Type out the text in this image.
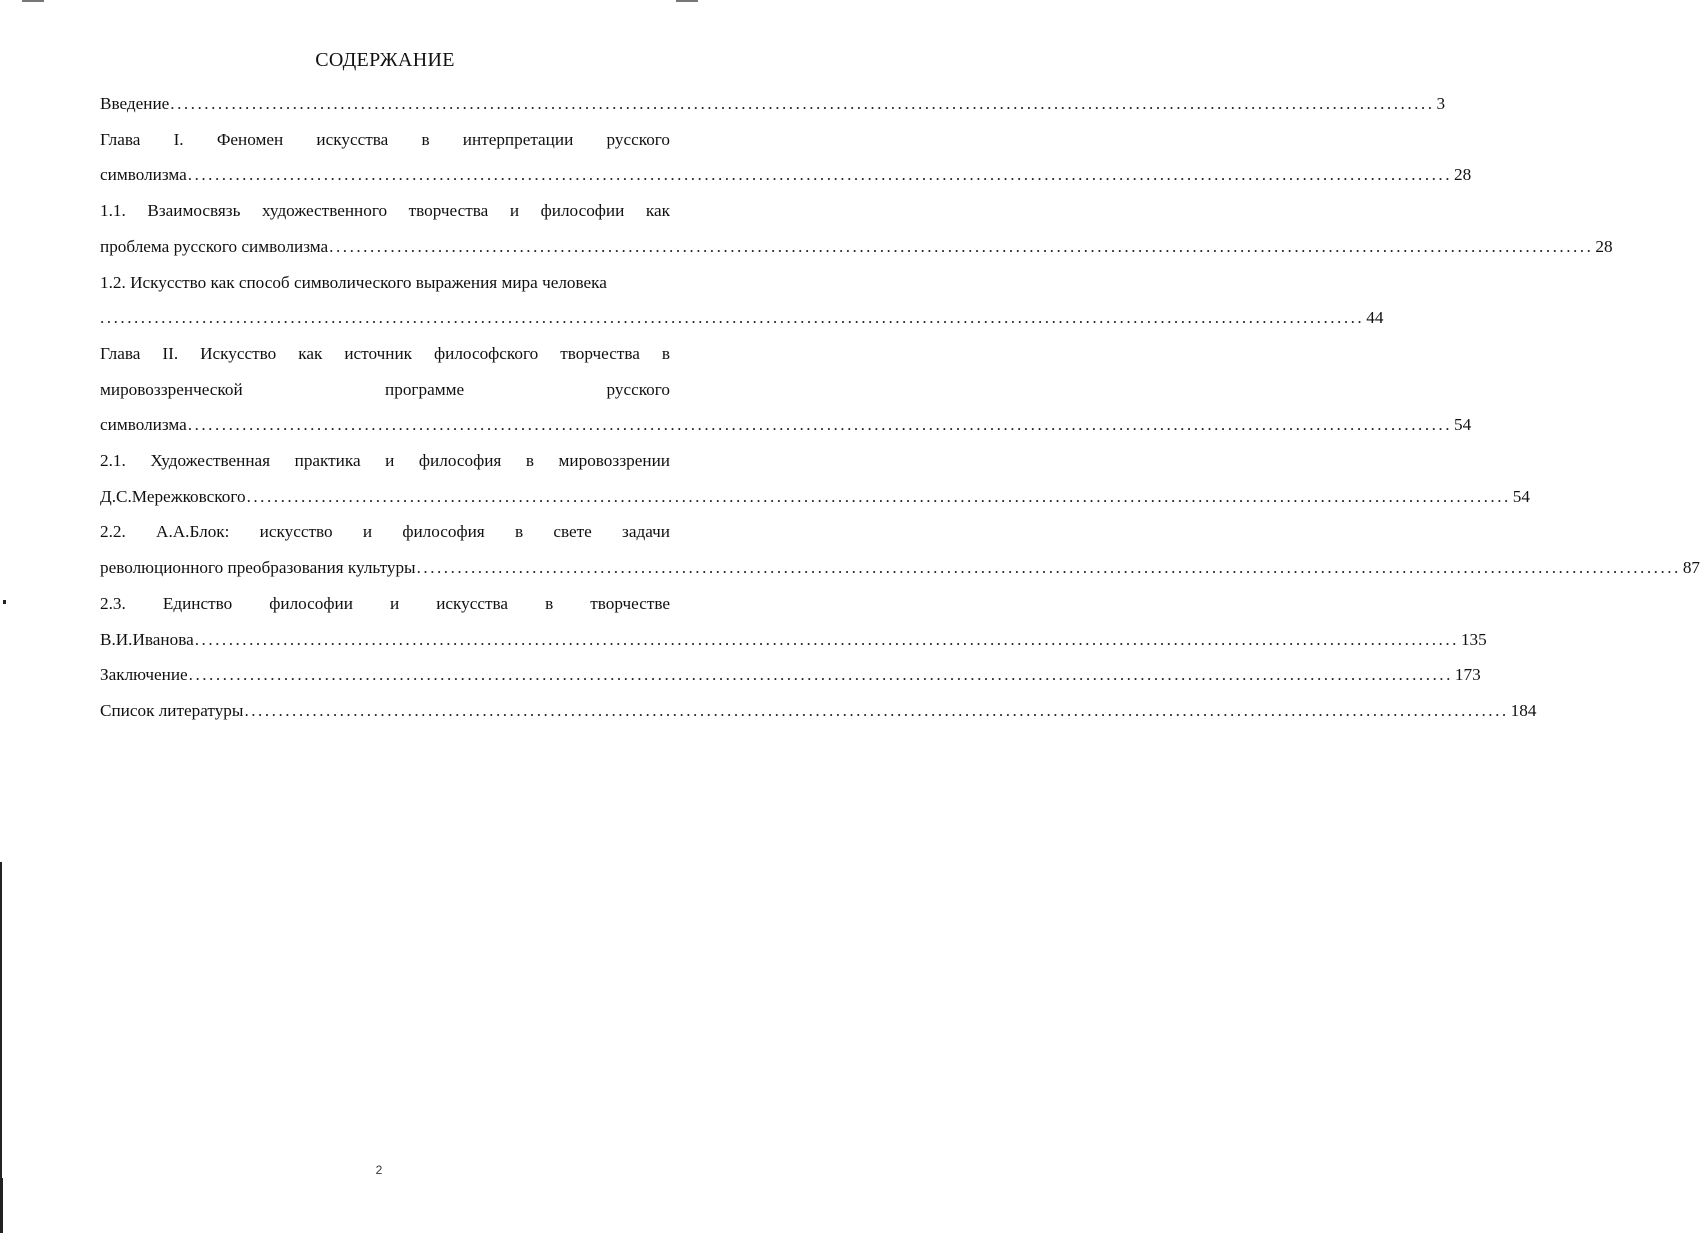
СОДЕРЖАНИЕ
Введение .......................................................................................................................................................................................... 3
Глава I. Феномен искусства в интерпретации русского
символизма .......................................................................................................................................................................................... 28
1.1. Взаимосвязь художественного творчества и философии как
проблема русского символизма .......................................................................................................................................................................................... 28
1.2. Искусство как способ символического выражения мира человека
.......................................................................................................................................................................................... 44
Глава II. Искусство как источник философского творчества в
мировоззренческой программе русского
символизма .......................................................................................................................................................................................... 54
2.1. Художественная практика и философия в мировоззрении
Д.С.Мережковского .......................................................................................................................................................................................... 54
2.2. А.А.Блок: искусство и философия в свете задачи
революционного преобразования культуры .......................................................................................................................................................................................... 87
2.3. Единство философии и искусства в творчестве
В.И.Иванова .......................................................................................................................................................................................... 135
Заключение .......................................................................................................................................................................................... 173
Список литературы .......................................................................................................................................................................................... 184
2
